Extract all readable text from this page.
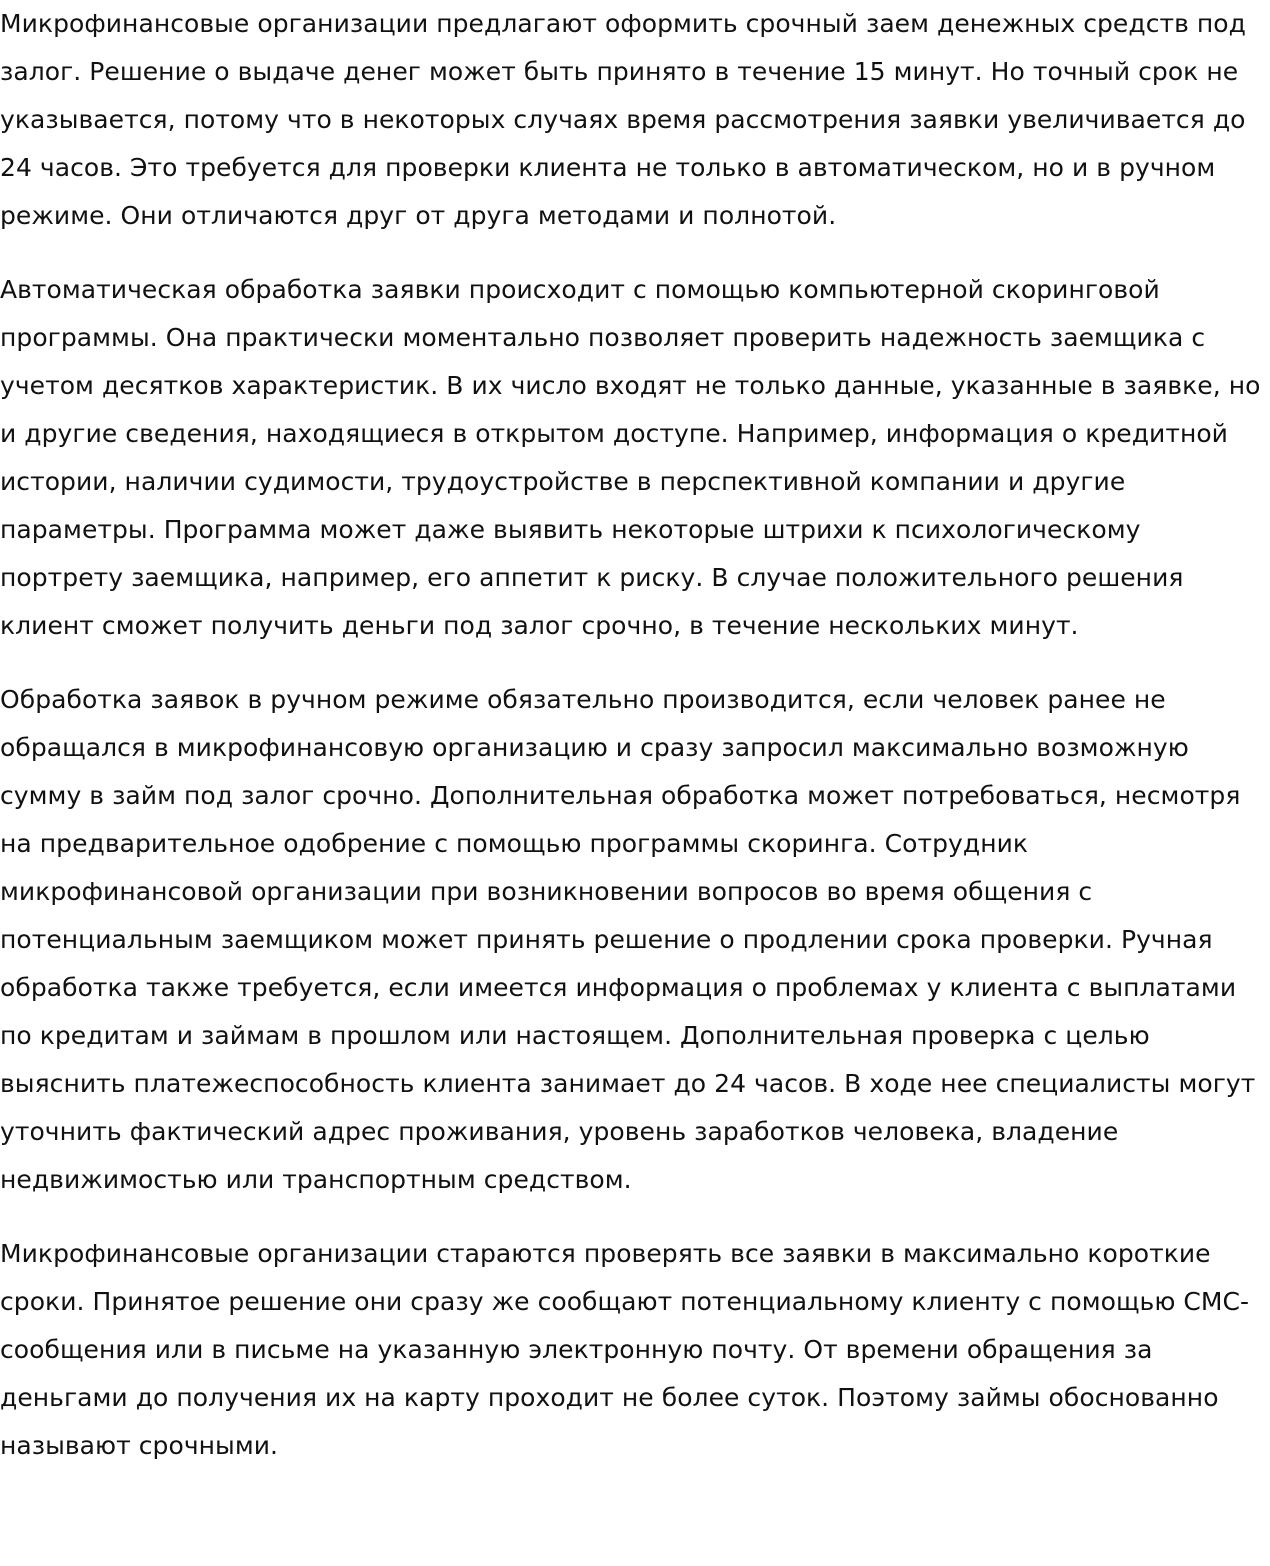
Микрофинансовые организации предлагают оформить срочный заем денежных средств под залог. Решение о выдаче денег может быть принято в течение 15 минут. Но точный срок не указывается, потому что в некоторых случаях время рассмотрения заявки увеличивается до 24 часов. Это требуется для проверки клиента не только в автоматическом, но и в ручном режиме. Они отличаются друг от друга методами и полнотой.

Автоматическая обработка заявки происходит с помощью компьютерной скоринговой программы. Она практически моментально позволяет проверить надежность заемщика с учетом десятков характеристик. В их число входят не только данные, указанные в заявке, но и другие сведения, находящиеся в открытом доступе. Например, информация о кредитной истории, наличии судимости, трудоустройстве в перспективной компании и другие параметры. Программа может даже выявить некоторые штрихи к психологическому портрету заемщика, например, его аппетит к риску. В случае положительного решения клиент сможет получить деньги под залог срочно, в течение нескольких минут.

Обработка заявок в ручном режиме обязательно производится, если человек ранее не обращался в микрофинансовую организацию и сразу запросил максимально возможную сумму в займ под залог срочно. Дополнительная обработка может потребоваться, несмотря на предварительное одобрение с помощью программы скоринга. Сотрудник микрофинансовой организации при возникновении вопросов во время общения с потенциальным заемщиком может принять решение о продлении срока проверки. Ручная обработка также требуется, если имеется информация о проблемах у клиента с выплатами по кредитам и займам в прошлом или настоящем. Дополнительная проверка с целью выяснить платежеспособность клиента занимает до 24 часов. В ходе нее специалисты могут уточнить фактический адрес проживания, уровень заработков человека, владение недвижимостью или транспортным средством.

Микрофинансовые организации стараются проверять все заявки в максимально короткие сроки. Принятое решение они сразу же сообщают потенциальному клиенту с помощью СМС-сообщения или в письме на указанную электронную почту. От времени обращения за деньгами до получения их на карту проходит не более суток. Поэтому займы обоснованно называют срочными.
